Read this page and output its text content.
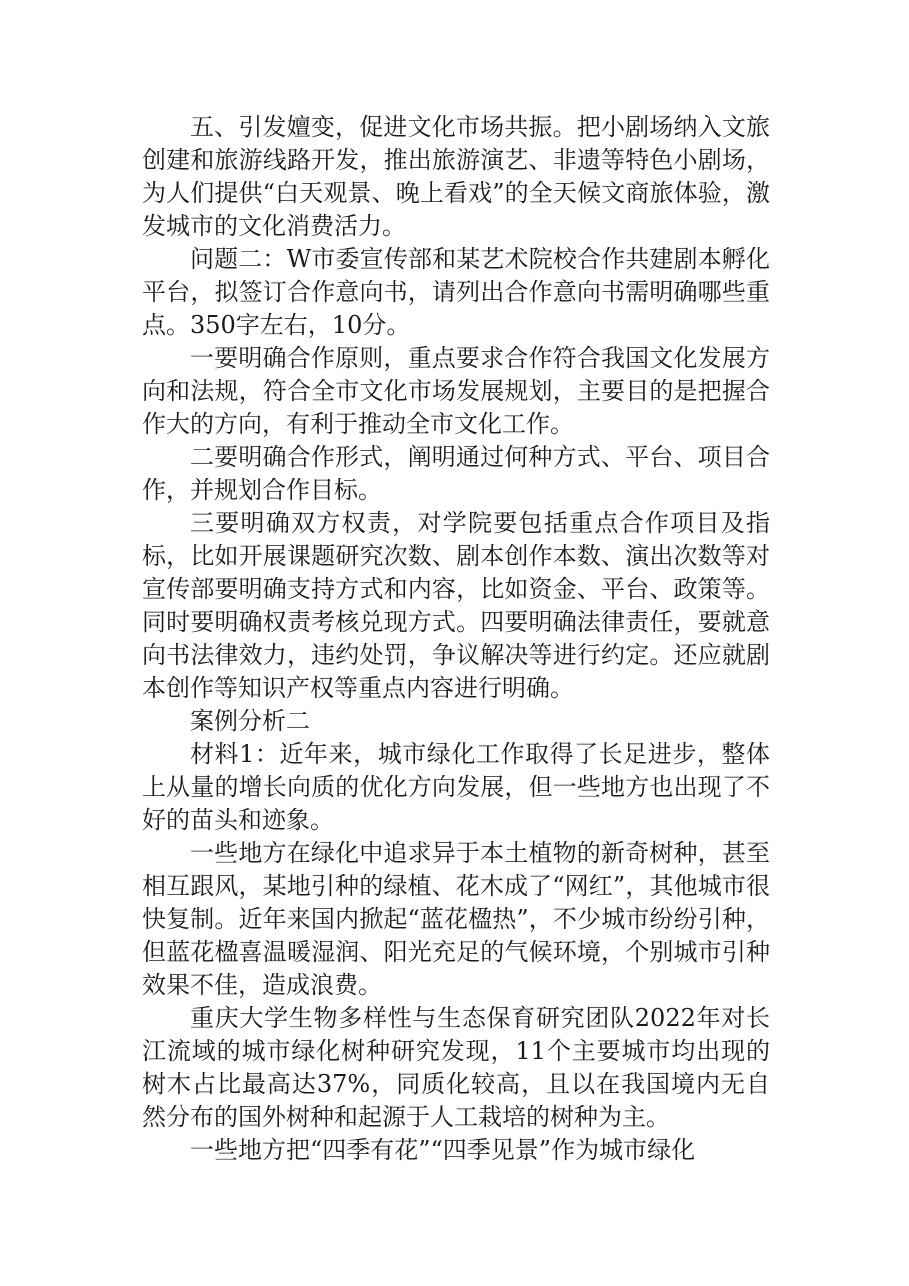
五、引发嬗变，促进文化市场共振。把小剧场纳入文旅创建和旅游线路开发，推出旅游演艺、非遗等特色小剧场，为人们提供“白天观景、晚上看戏”的全天候文商旅体验，激发城市的文化消费活力。

问题二：W市委宣传部和某艺术院校合作共建剧本孵化平台，拟签订合作意向书，请列出合作意向书需明确哪些重点。350字左右，10分。

一要明确合作原则，重点要求合作符合我国文化发展方向和法规，符合全市文化市场发展规划，主要目的是把握合作大的方向，有利于推动全市文化工作。

二要明确合作形式，阐明通过何种方式、平台、项目合作，并规划合作目标。

三要明确双方权责，对学院要包括重点合作项目及指标，比如开展课题研究次数、剧本创作本数、演出次数等对宣传部要明确支持方式和内容，比如资金、平台、政策等。同时要明确权责考核兑现方式。四要明确法律责任，要就意向书法律效力，违约处罚，争议解决等进行约定。还应就剧本创作等知识产权等重点内容进行明确。

案例分析二

材料1：近年来，城市绿化工作取得了长足进步，整体上从量的增长向质的优化方向发展，但一些地方也出现了不好的苗头和迹象。

一些地方在绿化中追求异于本土植物的新奇树种，甚至相互跟风，某地引种的绿植、花木成了“网红”，其他城市很快复制。近年来国内掀起“蓝花楹热”，不少城市纷纷引种，但蓝花楹喜温暖湿润、阳光充足的气候环境，个别城市引种效果不佳，造成浪费。

重庆大学生物多样性与生态保育研究团队2022年对长江流域的城市绿化树种研究发现，11个主要城市均出现的树木占比最高达37%，同质化较高，且以在我国境内无自然分布的国外树种和起源于人工栽培的树种为主。

一些地方把“四季有花”“四季见景”作为城市绿化
